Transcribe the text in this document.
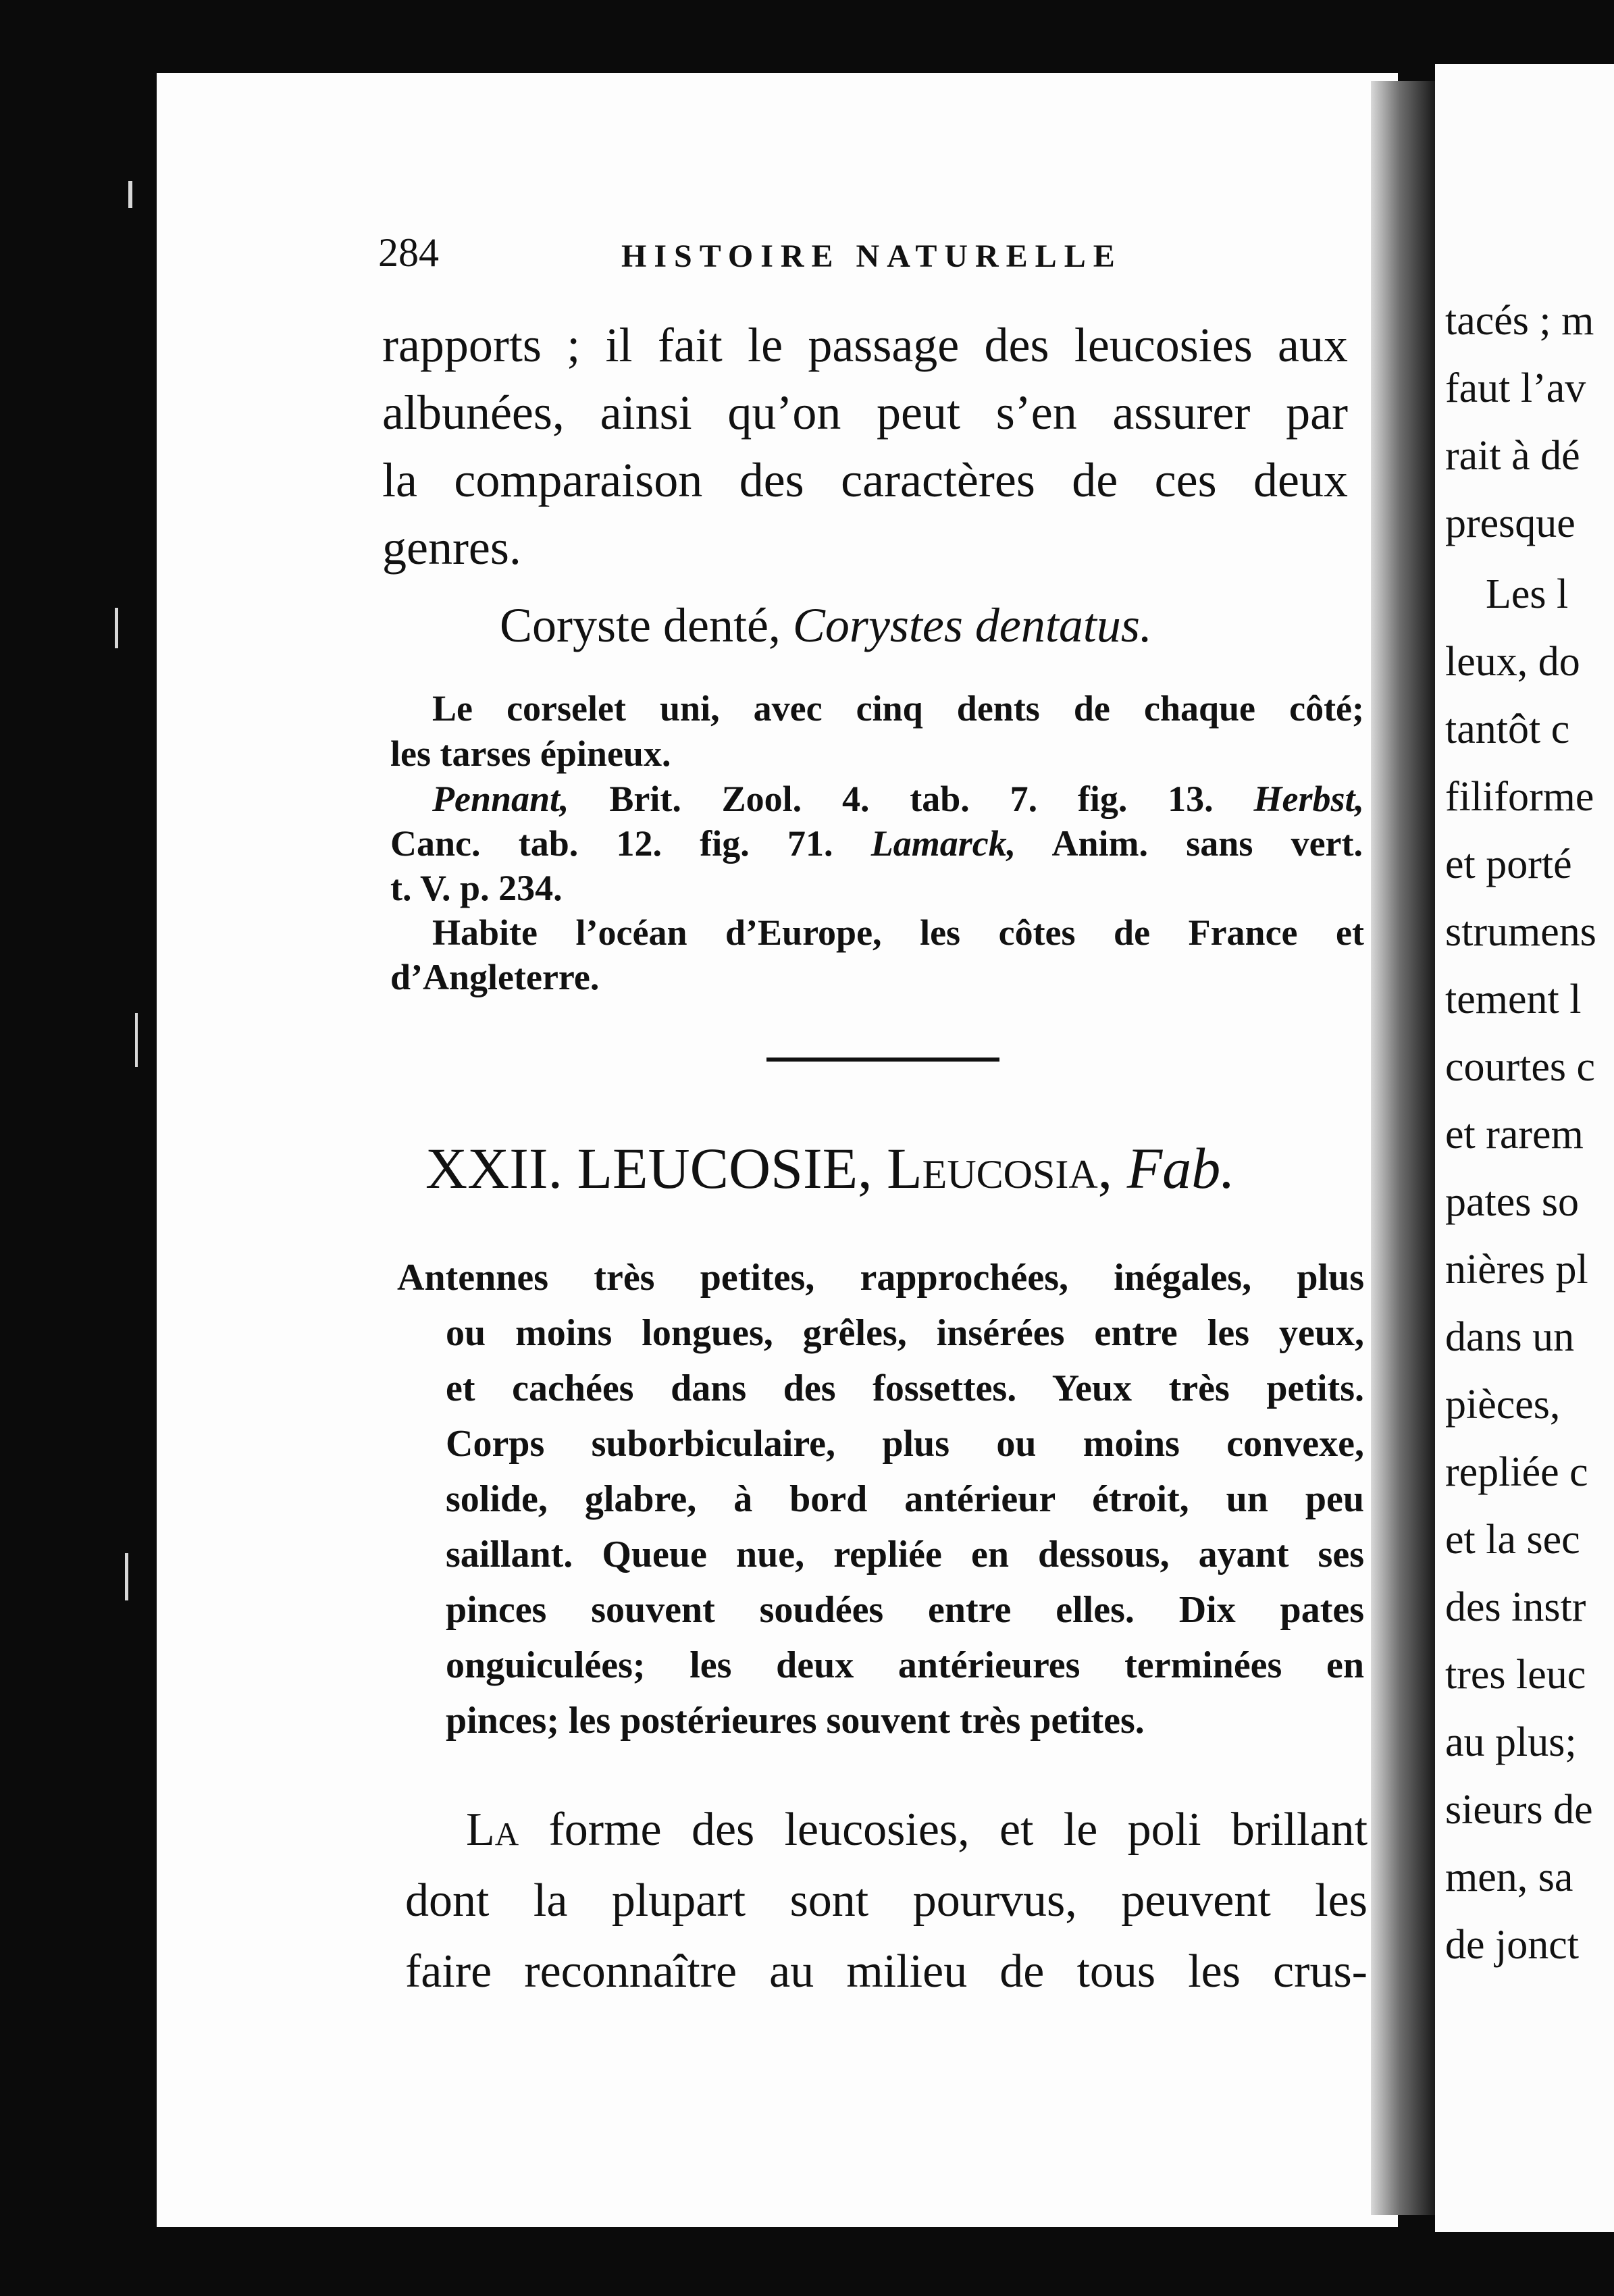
284	HISTOIRE NATURELLE
rapports ; il fait le passage des leucosies aux
albunées, ainsi qu’on peut s’en assurer par
la comparaison des caractères de ces deux
genres.
Coryste denté, Corystes dentatus.
Le corselet uni, avec cinq dents de chaque côté;
les tarses épineux.
Pennant, Brit. Zool. 4. tab. 7. fig. 13. Herbst,
Canc. tab. 12. fig. 71. Lamarck, Anim. sans vert.
t. V. p. 234.
Habite l’océan d’Europe, les côtes de France et
d’Angleterre.
XXII. LEUCOSIE, Leucosia, Fab.
Antennes très petites, rapprochées, inégales, plus
ou moins longues, grêles, insérées entre les yeux,
et cachées dans des fossettes. Yeux très petits.
Corps suborbiculaire, plus ou moins convexe,
solide, glabre, à bord antérieur étroit, un peu
saillant. Queue nue, repliée en dessous, ayant ses
pinces souvent soudées entre elles. Dix pates
onguiculées; les deux antérieures terminées en
pinces; les postérieures souvent très petites.
La forme des leucosies, et le poli brillant
dont la plupart sont pourvus, peuvent les
faire reconnaître au milieu de tous les crus-
tacés ; m
faut l’av
rait à dé
presque
Les l
leux, do
tantôt c
filiforme
et porté
strumens
tement l
courtes c
et rarem
pates so
nières pl
dans un
pièces,
repliée c
et la sec
des instr
tres leuc
au plus;
sieurs de
men, sa
de jonct
